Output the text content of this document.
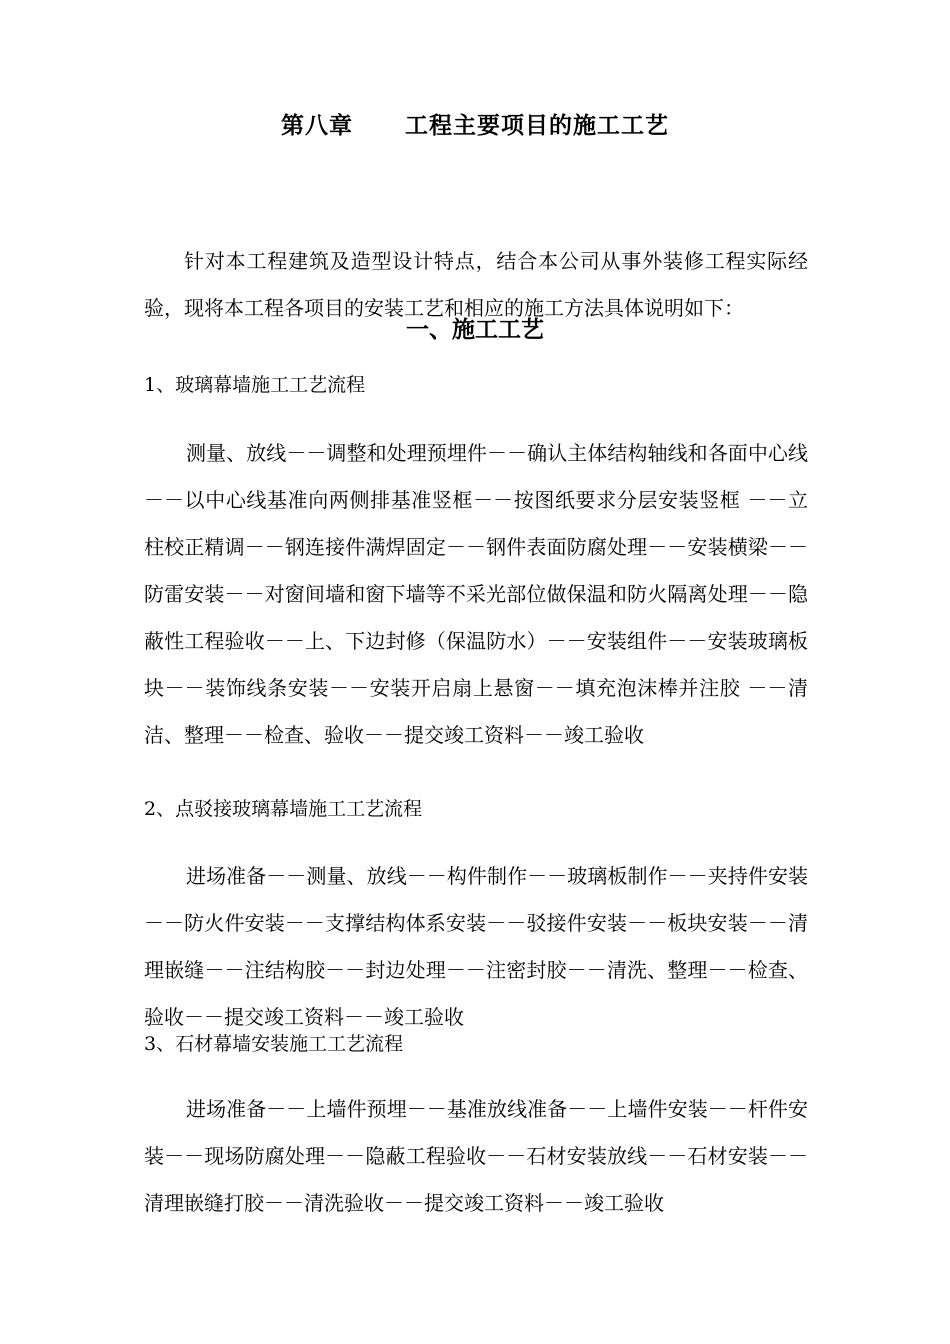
第八章 工程主要项目的施工工艺

针对本工程建筑及造型设计特点，结合本公司从事外装修工程实际经验，现将本工程各项目的安装工艺和相应的施工方法具体说明如下：

一、施工工艺
1、玻璃幕墙施工工艺流程

测量、放线－－调整和处理预埋件－－确认主体结构轴线和各面中心线－－以中心线基准向两侧排基准竖框－－按图纸要求分层安装竖框 －－立柱校正精调－－钢连接件满焊固定－－钢件表面防腐处理－－安装横梁－－防雷安装－－对窗间墙和窗下墙等不采光部位做保温和防火隔离处理－－隐蔽性工程验收－－上、下边封修（保温防水）－－安装组件－－安装玻璃板块－－装饰线条安装－－安装开启扇上悬窗－－填充泡沫棒并注胶 －－清洁、整理－－检查、验收－－提交竣工资料－－竣工验收

2、点驳接玻璃幕墙施工工艺流程

进场准备－－测量、放线－－构件制作－－玻璃板制作－－夹持件安装－－防火件安装－－支撑结构体系安装－－驳接件安装－－板块安装－－清理嵌缝－－注结构胶－－封边处理－－注密封胶－－清洗、整理－－检查、验收－－提交竣工资料－－竣工验收

3、石材幕墙安装施工工艺流程

进场准备－－上墙件预埋－－基准放线准备－－上墙件安装－－杆件安装－－现场防腐处理－－隐蔽工程验收－－石材安装放线－－石材安装－－清理嵌缝打胶－－清洗验收－－提交竣工资料－－竣工验收
